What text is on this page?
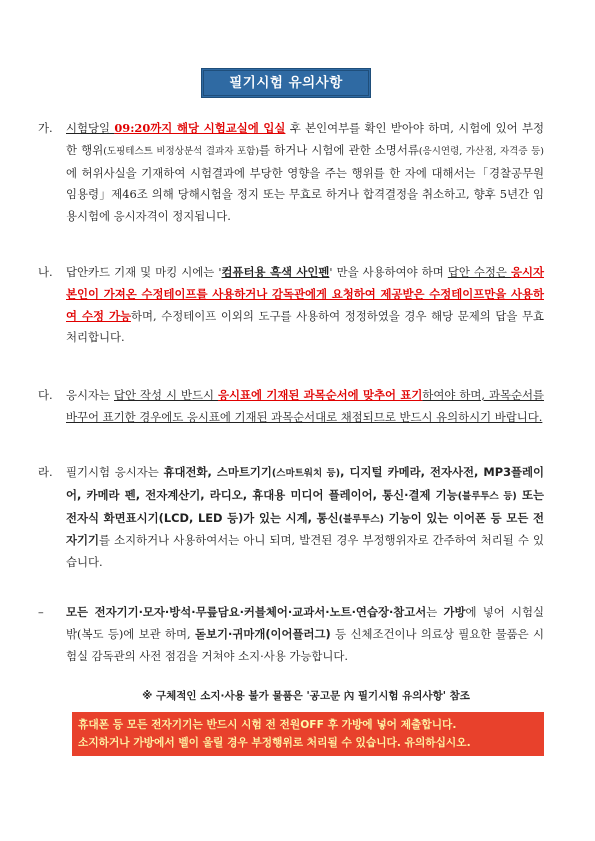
필기시험 유의사항
가. 시험당일 09:20까지 해당 시험교실에 입실 후 본인여부를 확인 받아야 하며, 시험에 있어 부정한 행위(도핑테스트 비정상분석 결과자 포함)를 하거나 시험에 관한 소명서류(응시연령, 가산점, 자격증 등)에 허위사실을 기재하여 시험결과에 부당한 영향을 주는 행위를 한 자에 대해서는「경찰공무원 임용령」제46조 의해 당해시험을 정지 또는 무효로 하거나 합격결정을 취소하고, 향후 5년간 임용시험에 응시자격이 정지됩니다.
나. 답안카드 기재 및 마킹 시에는 '컴퓨터용 흑색 사인펜' 만을 사용하여야 하며 답안 수정은 응시자 본인이 가져온 수정테이프를 사용하거나 감독관에게 요청하여 제공받은 수정테이프만을 사용하여 수정 가능하며, 수정테이프 이외의 도구를 사용하여 정정하였을 경우 해당 문제의 답을 무효 처리합니다.
다. 응시자는 답안 작성 시 반드시 응시표에 기재된 과목순서에 맞추어 표기하여야 하며, 과목순서를 바꾸어 표기한 경우에도 응시표에 기재된 과목순서대로 채점되므로 반드시 유의하시기 바랍니다.
라. 필기시험 응시자는 휴대전화, 스마트기기(스마트워치 등), 디지털 카메라, 전자사전, MP3플레이어, 카메라 펜, 전자계산기, 라디오, 휴대용 미디어 플레이어, 통신·결제 기능(블루투스 등) 또는 전자식 화면표시기(LCD, LED 등)가 있는 시계, 통신(블루투스) 기능이 있는 이어폰 등 모든 전자기기를 소지하거나 사용하여서는 아니 되며, 발견된 경우 부정행위자로 간주하여 처리될 수 있습니다.
– 모든 전자기기·모자·방석·무릎담요·커블체어·교과서·노트·연습장·참고서는 가방에 넣어 시험실 밖(복도 등)에 보관 하며, 돋보기·귀마개(이어플러그) 등 신체조건이나 의료상 필요한 물품은 시험실 감독관의 사전 점검을 거쳐야 소지·사용 가능합니다.
※ 구체적인 소지·사용 불가 물품은 '공고문 內 필기시험 유의사항' 참조
휴대폰 등 모든 전자기기는 반드시 시험 전 전원OFF 후 가방에 넣어 제출합니다.
소지하거나 가방에서 벨이 울릴 경우 부정행위로 처리될 수 있습니다. 유의하십시오.
